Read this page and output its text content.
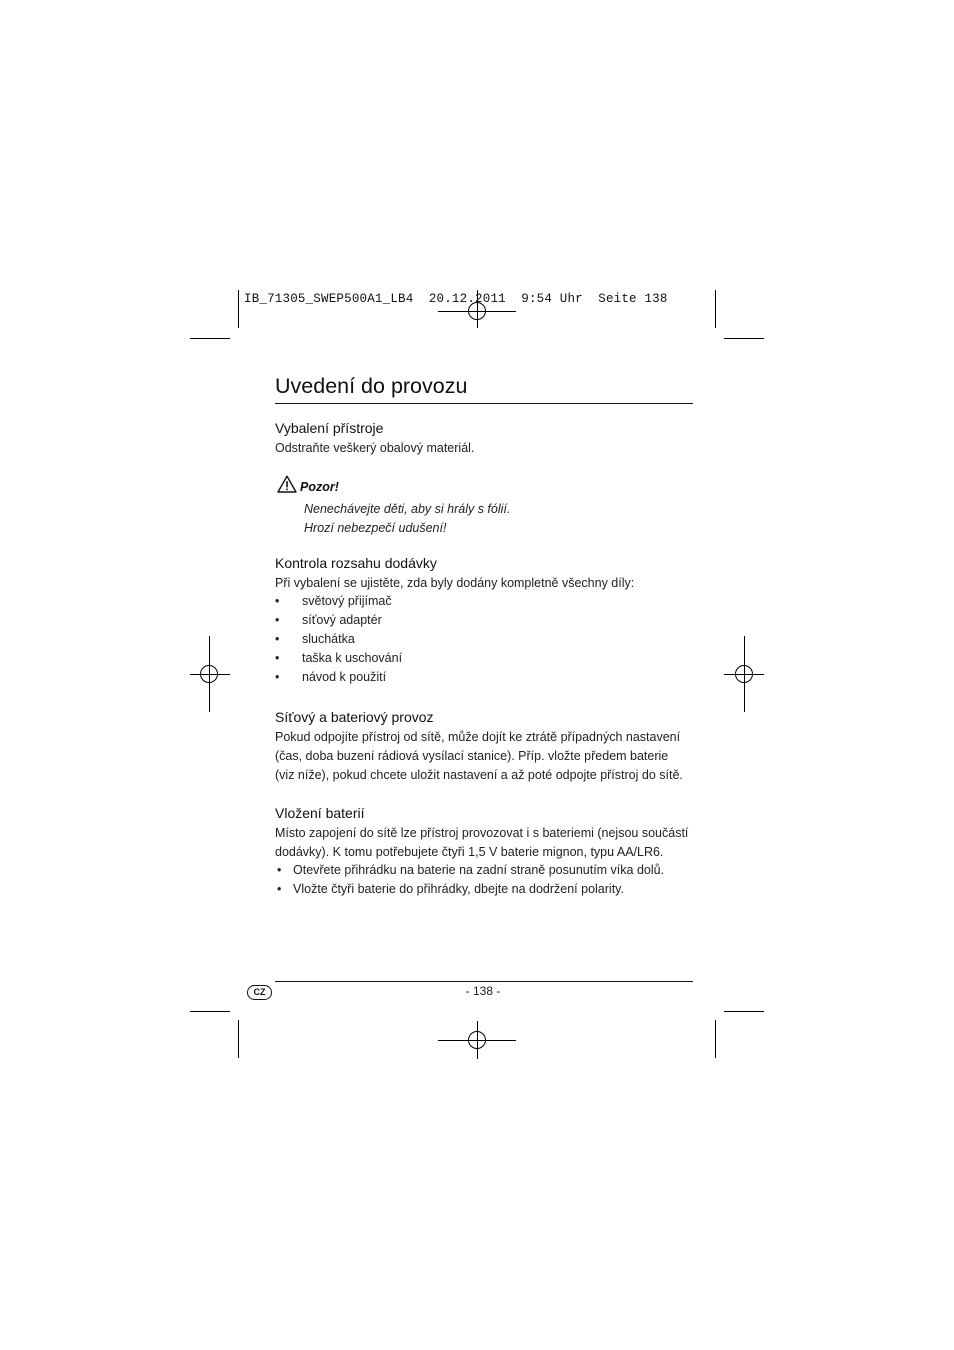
IB_71305_SWEP500A1_LB4  20.12.2011  9:54 Uhr  Seite 138
Uvedení do provozu
Vybalení přístroje

Odstraňte veškerý obalový materiál.

Pozor!

Nenechávejte děti, aby si hrály s fólií.

Hrozí nebezpečí udušení!

Kontrola rozsahu dodávky

Při vybalení se ujistěte, zda byly dodány kompletně všechny díly:

• světový přijímač
• síťový adaptér
• sluchátka
• taška k uschování
• návod k použití
Síťový a bateriový provoz

Pokud odpojíte přístroj od sítě, může dojít ke ztrátě případných nastavení

(čas, doba buzení rádiová vysílací stanice). Příp. vložte předem baterie

(viz níže), pokud chcete uložit nastavení a až poté odpojte přístroj do sítě.

Vložení baterií

Místo zapojení do sítě lze přístroj provozovat i s bateriemi (nejsou součástí

dodávky). K tomu potřebujete čtyři 1,5 V baterie mignon, typu AA/LR6.

• Otevřete přihrádku na baterie na zadní straně posunutím víka dolů.
• Vložte čtyři baterie do přihrádky, dbejte na dodržení polarity.
CZ	- 138 -
